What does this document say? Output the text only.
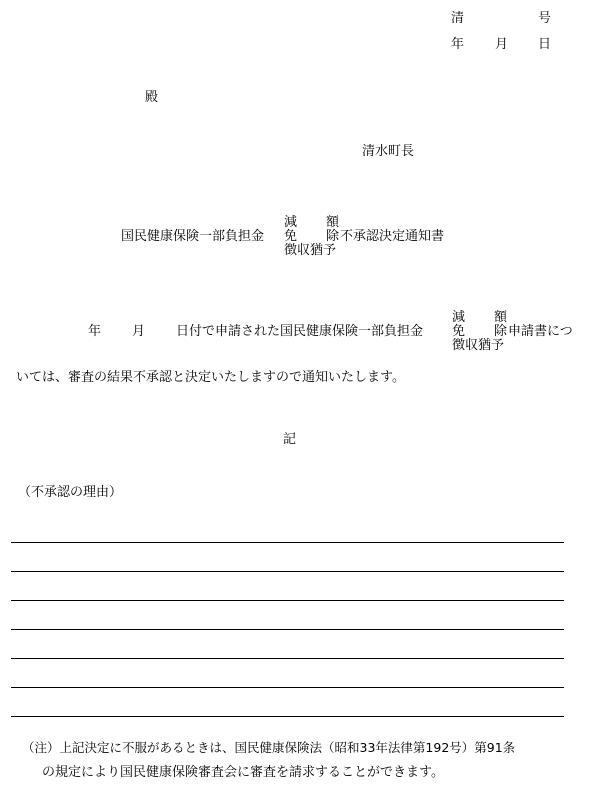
清	号
年 月 日
殿
清水町長
国民健康保険一部負担金
減 額
免 除
徴収猶予
不承認決定通知書
年 月 日付で申請された国民健康保険一部負担金
減 額
免 除
徴収猶予
申請書につ
いては、審査の結果不承認と決定いたしますので通知いたします。
記
（不承認の理由）
（注）上記決定に不服があるときは、国民健康保険法（昭和33年法律第192号）第91条
の規定により国民健康保険審査会に審査を請求することができます。
